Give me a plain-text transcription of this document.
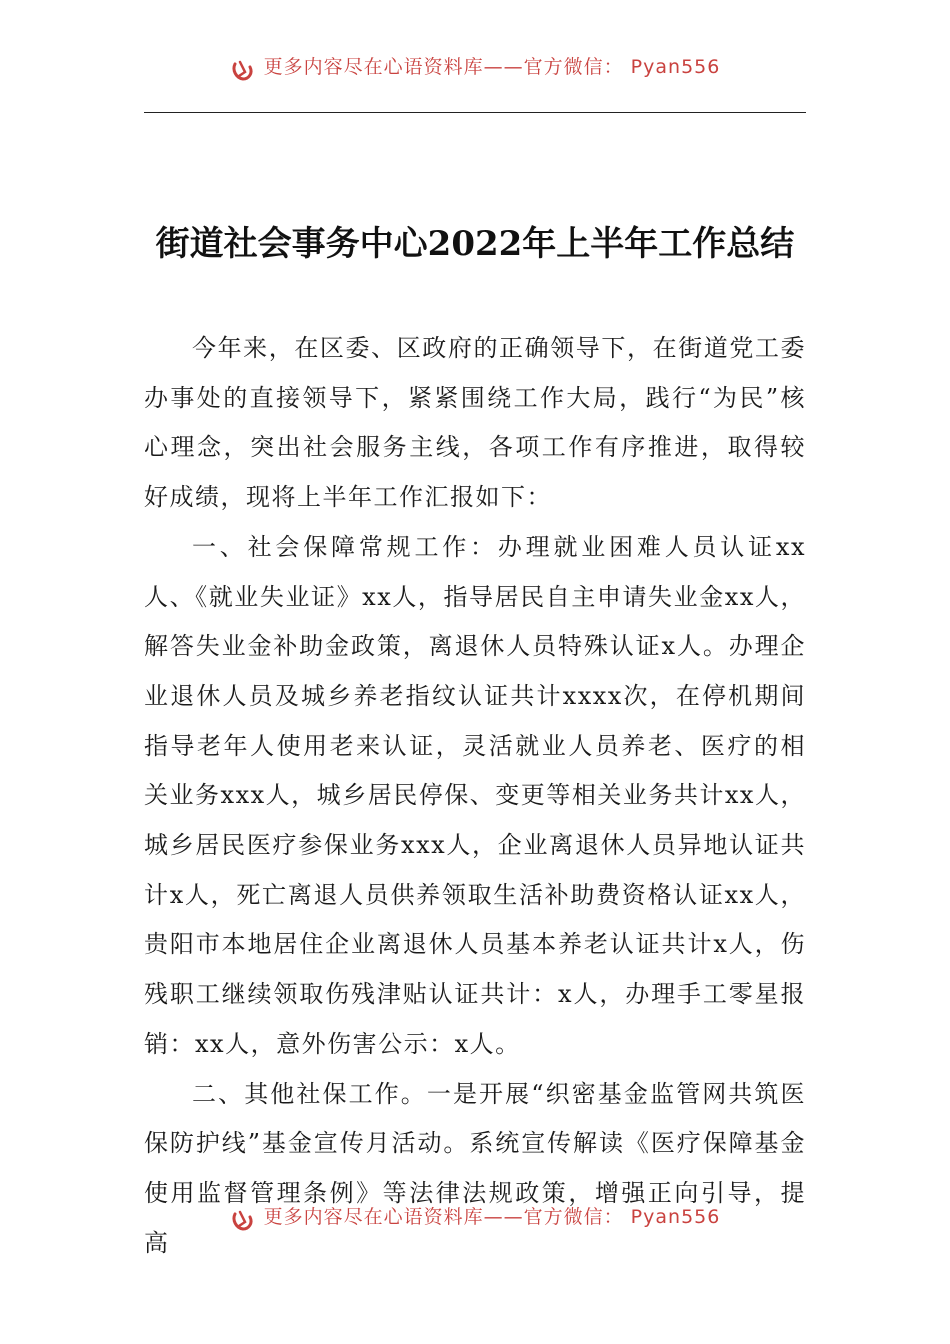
更多内容尽在心语资料库——官方微信： Pyan556
街道社会事务中心2022年上半年工作总结

今年来，在区委、区政府的正确领导下，在街道党工委办事处的直接领导下，紧紧围绕工作大局，践行“为民”核心理念，突出社会服务主线，各项工作有序推进，取得较好成绩，现将上半年工作汇报如下：

一、社会保障常规工作：办理就业困难人员认证xx人、《就业失业证》xx人，指导居民自主申请失业金xx人，解答失业金补助金政策，离退休人员特殊认证x人。办理企业退休人员及城乡养老指纹认证共计xxxx次，在停机期间指导老年人使用老来认证，灵活就业人员养老、医疗的相关业务xxx人，城乡居民停保、变更等相关业务共计xx人，城乡居民医疗参保业务xxx人，企业离退休人员异地认证共计x人，死亡离退人员供养领取生活补助费资格认证xx人，贵阳市本地居住企业离退休人员基本养老认证共计x人，伤残职工继续领取伤残津贴认证共计：x人，办理手工零星报销：xx人，意外伤害公示：x人。

二、其他社保工作。一是开展“织密基金监管网共筑医保防护线”基金宣传月活动。系统宣传解读《医疗保障基金使用监督管理条例》等法律法规政策，增强正向引导，提高

更多内容尽在心语资料库——官方微信： Pyan556
